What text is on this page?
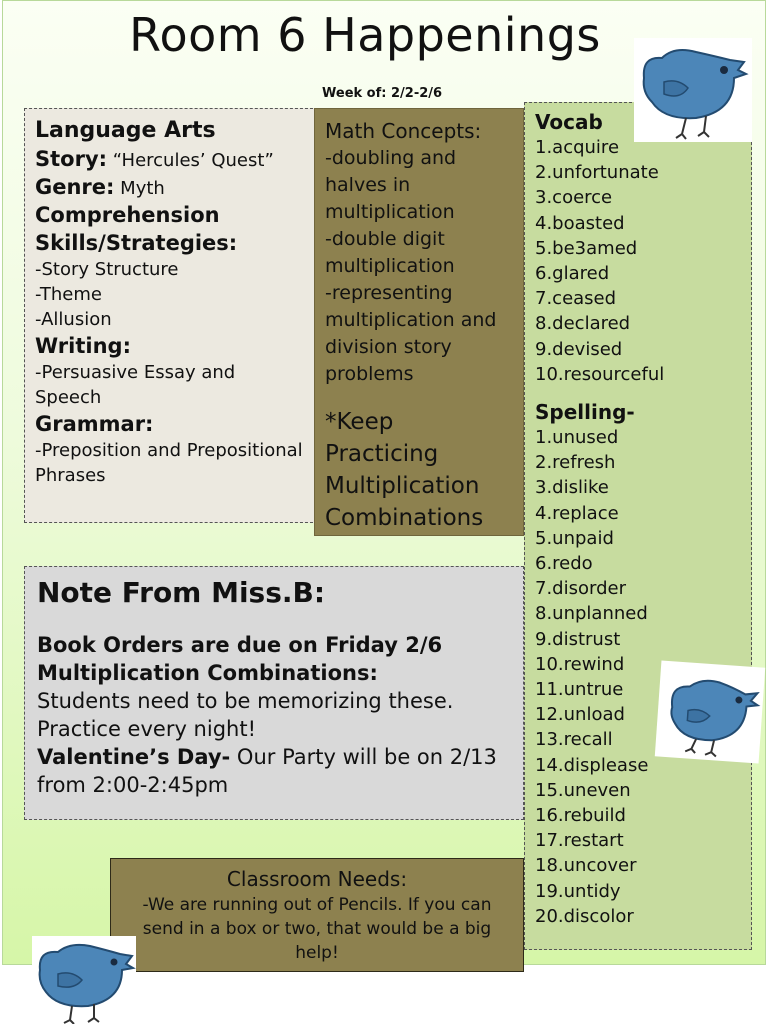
Room 6 Happenings
Week of: 2/2-2/6
Language Arts
Story: “Hercules’ Quest”
Genre: Myth
Comprehension Skills/Strategies:
-Story Structure
-Theme
-Allusion
Writing:
-Persuasive Essay and Speech
Grammar:
-Preposition and Prepositional Phrases
Math Concepts:
-doubling and halves in multiplication
-double digit multiplication
-representing multiplication and division story problems
*Keep Practicing Multiplication Combinations
Vocab
1.acquire
2.unfortunate
3.coerce
4.boasted
5.be3amed
6.glared
7.ceased
8.declared
9.devised
10.resourceful
Spelling-
1.unused
2.refresh
3.dislike
4.replace
5.unpaid
6.redo
7.disorder
8.unplanned
9.distrust
10.rewind
11.untrue
12.unload
13.recall
14.displease
15.uneven
16.rebuild
17.restart
18.uncover
19.untidy
20.discolor
Note From Miss.B:
Book Orders are due on Friday 2/6
Multiplication Combinations:
Students need to be memorizing these. Practice every night!
Valentine’s Day- Our Party will be on 2/13 from 2:00-2:45pm
Classroom Needs:
-We are running out of Pencils. If you can send in a box or two, that would be a big help!
